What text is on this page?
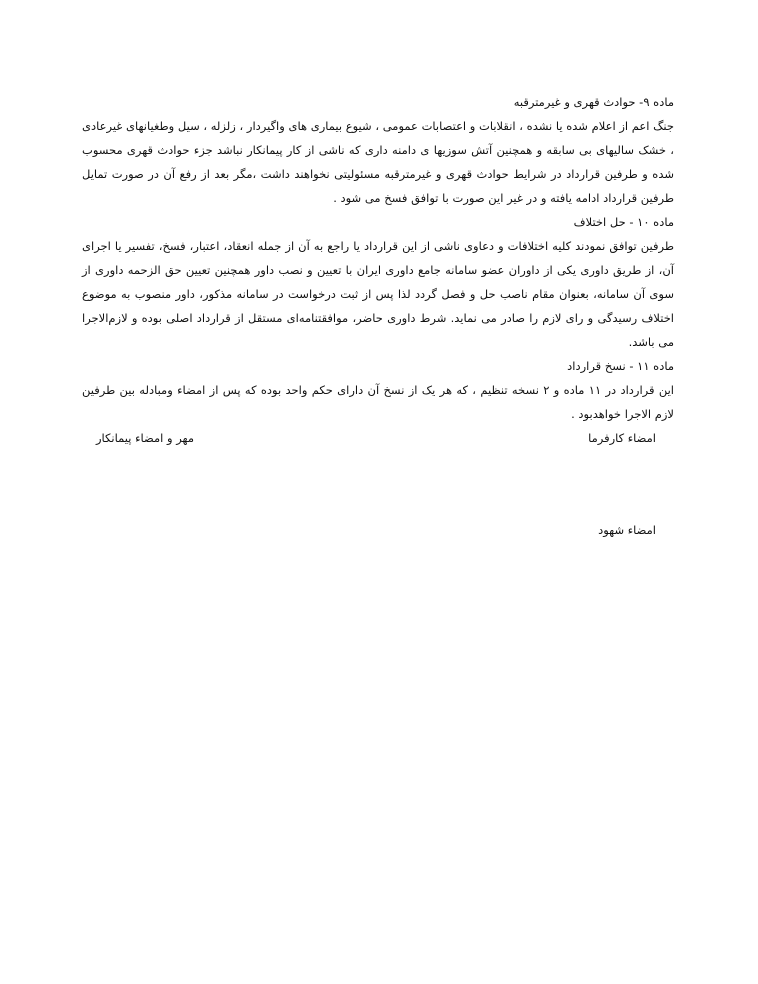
ماده ۹- حوادث قهری و غیرمترقبه

جنگ اعم از اعلام شده یا نشده ، انقلابات و اعتصابات عمومی ، شیوع بیماری های واگیردار ، زلزله ، سیل وطغیانهای غیرعادی ، خشک سالیهای بی سابقه و همچنین آتش سوزیها ی دامنه داری که ناشی از کار پیمانکار نباشد جزء حوادث قهری محسوب شده و طرفین قرارداد در شرایط حوادث قهری و غیرمترقبه مسئولیتی نخواهند داشت ،مگر بعد از رفع آن در صورت تمایل طرفین قرارداد ادامه یافته و در غیر این صورت با توافق فسخ می شود .

ماده ۱۰ - حل اختلاف

طرفین توافق نمودند کلیه اختلافات و دعاوی ناشی از این قرارداد یا راجع به آن از جمله انعقاد، اعتبار، فسخ، تفسیر یا اجرای آن، از طریق داوری یکی از داوران عضو سامانه جامع داوری ایران با تعیین و نصب داور همچنین تعیین حق الزحمه داوری از سوی آن سامانه، بعنوان مقام ناصب حل و فصل گردد لذا پس از ثبت درخواست در سامانه مذکور، داور منصوب به موضوع اختلاف رسیدگی و رای لازم را صادر می نماید. شرط داوری حاضر، موافقتنامه‌ای مستقل از قرارداد اصلی بوده و لازم‌الاجرا می باشد.

ماده ۱۱ - نسخ قرارداد

این قرارداد در ۱۱ ماده و ۲ نسخه تنظیم ، که هر یک از نسخ آن دارای حکم واحد بوده که پس از امضاء ومبادله بین طرفین لازم الاجرا خواهدبود .

امضاء کارفرما
مهر و امضاء پیمانکار
امضاء شهود
